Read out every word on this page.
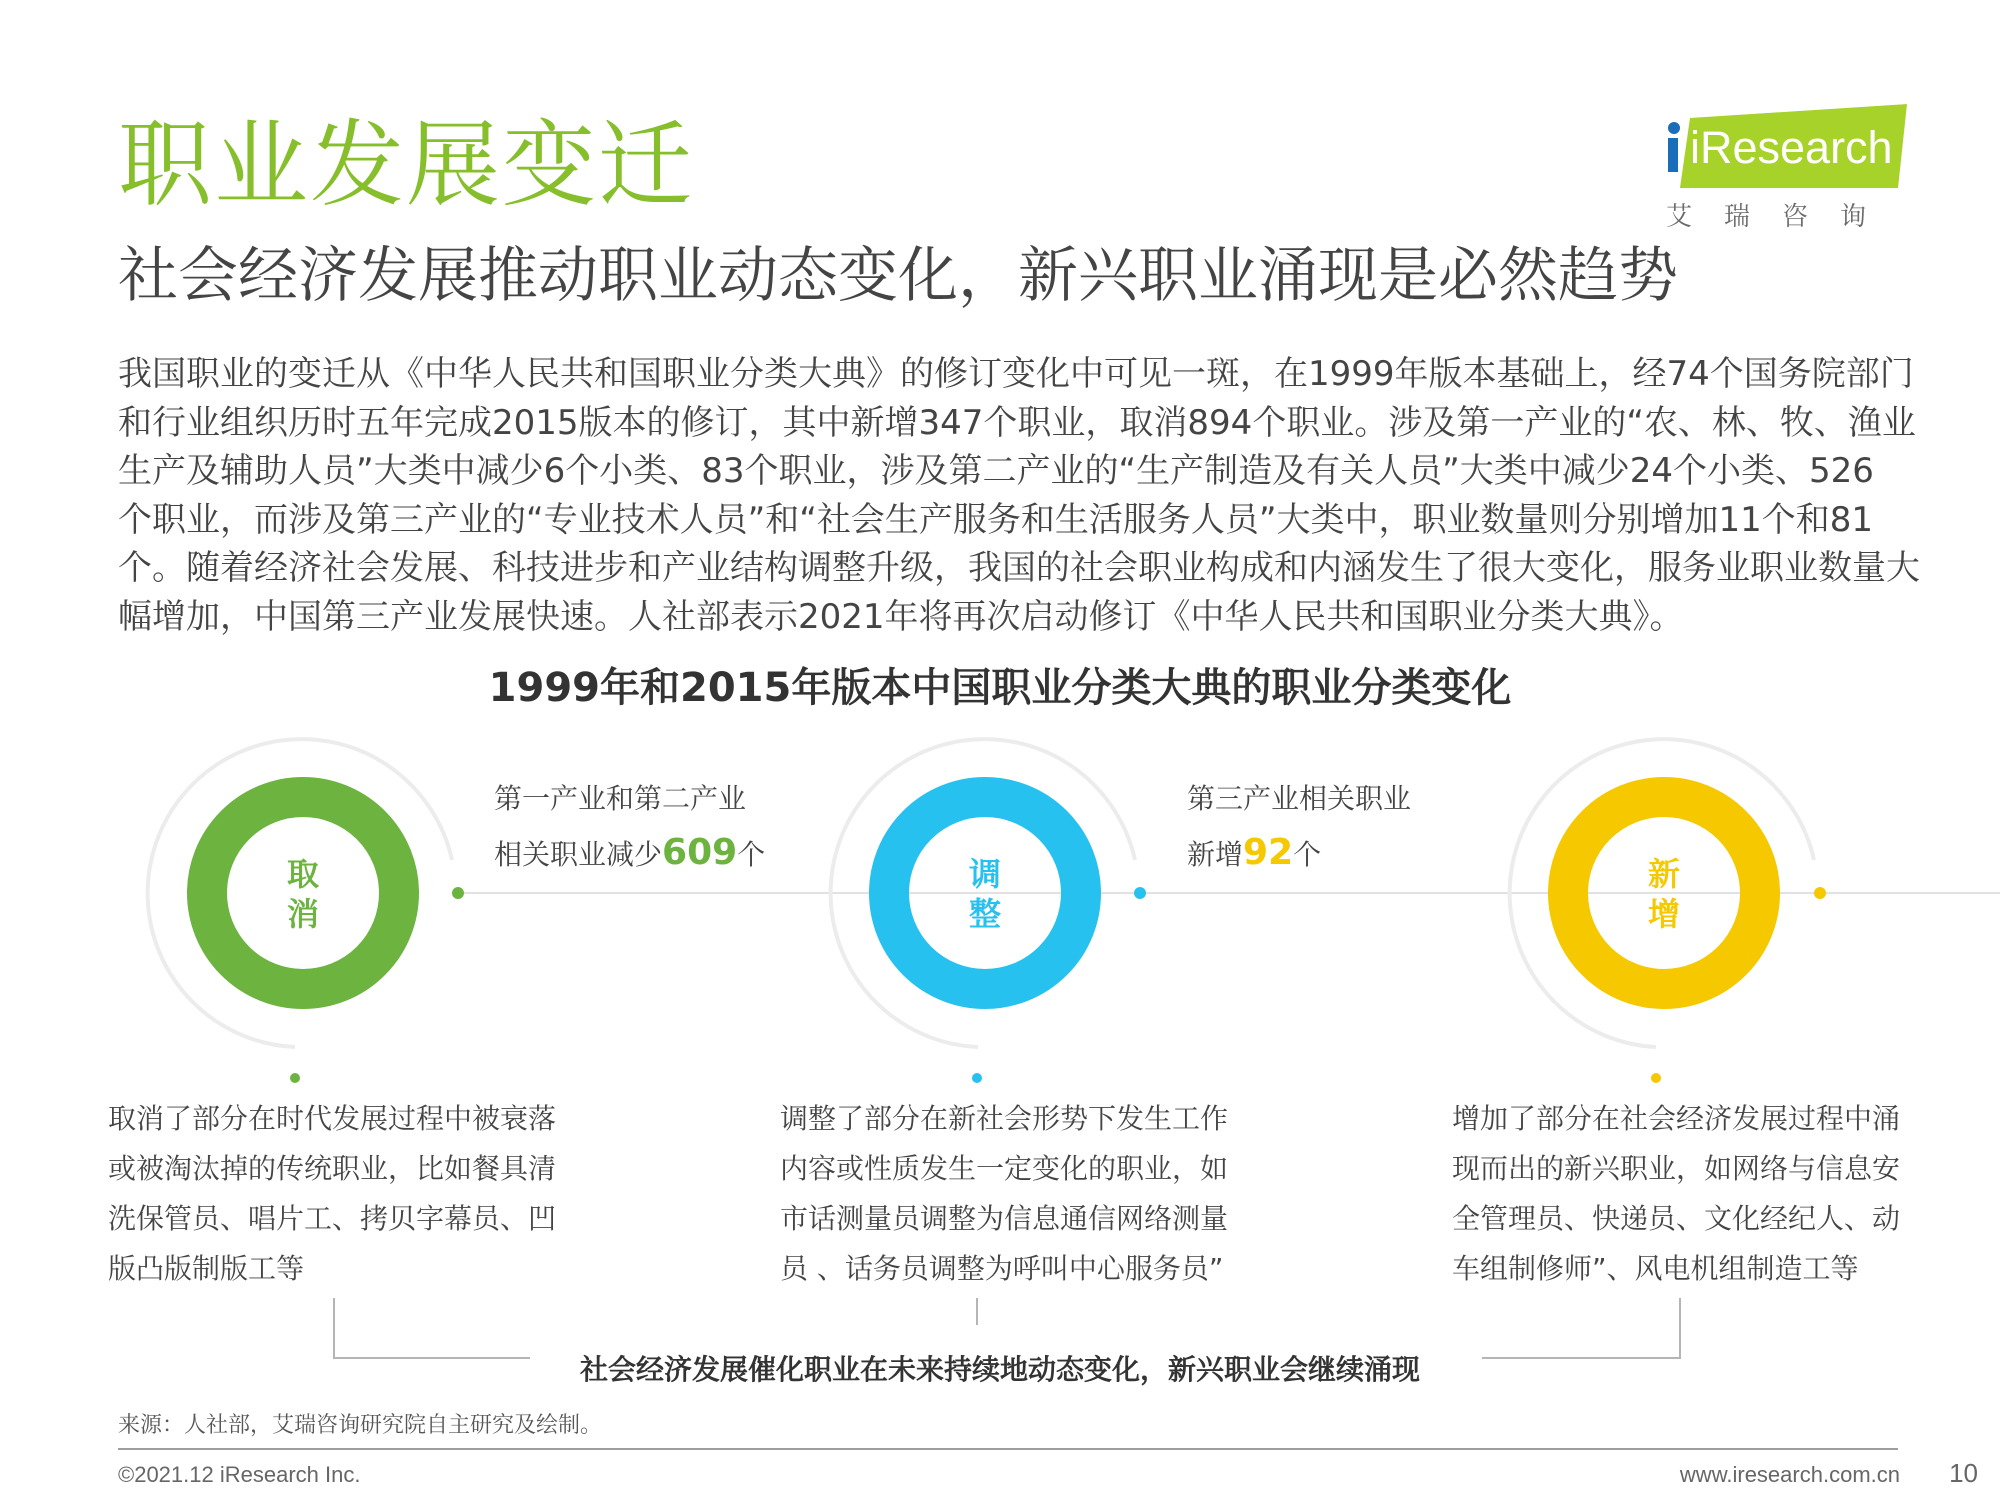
职业发展变迁
社会经济发展推动职业动态变化，新兴职业涌现是必然趋势
iResearch
艾瑞咨询

我国职业的变迁从《中华人民共和国职业分类大典》的修订变化中可见一斑，在1999年版本基础上，经74个国务院部门

和行业组织历时五年完成2015版本的修订，其中新增347个职业，取消894个职业。涉及第一产业的“农、林、牧、渔业

生产及辅助人员”大类中减少6个小类、83个职业，涉及第二产业的“生产制造及有关人员”大类中减少24个小类、526

个职业，而涉及第三产业的“专业技术人员”和“社会生产服务和生活服务人员”大类中，职业数量则分别增加11个和81

个。随着经济社会发展、科技进步和产业结构调整升级，我国的社会职业构成和内涵发生了很大变化，服务业职业数量大

幅增加，中国第三产业发展快速。人社部表示2021年将再次启动修订《中华人民共和国职业分类大典》。

1999年和2015年版本中国职业分类大典的职业分类变化
取
消
调
整
新
增
第一产业和第二产业
相关职业减少609个
第三产业相关职业
新增92个
取消了部分在时代发展过程中被衰落
或被淘汰掉的传统职业，比如餐具清
洗保管员、唱片工、拷贝字幕员、凹
版凸版制版工等
调整了部分在新社会形势下发生工作
内容或性质发生一定变化的职业，如
市话测量员调整为信息通信网络测量
员 、话务员调整为呼叫中心服务员”
增加了部分在社会经济发展过程中涌
现而出的新兴职业，如网络与信息安
全管理员、快递员、文化经纪人、动
车组制修师”、风电机组制造工等
社会经济发展催化职业在未来持续地动态变化，新兴职业会继续涌现
来源：人社部，艾瑞咨询研究院自主研究及绘制。
©2021.12 iResearch Inc.	www.iresearch.com.cn 10
